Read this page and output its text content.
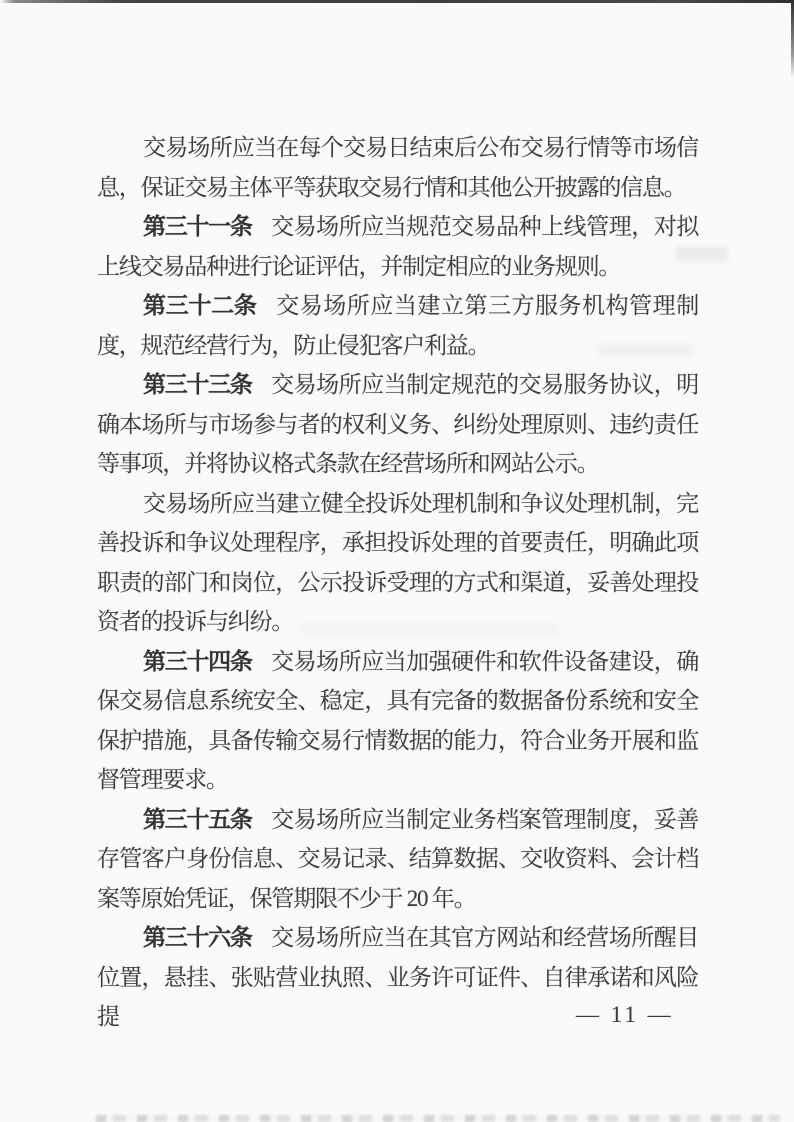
交易场所应当在每个交易日结束后公布交易行情等市场信息，保证交易主体平等获取交易行情和其他公开披露的信息。

第三十一条 交易场所应当规范交易品种上线管理，对拟上线交易品种进行论证评估，并制定相应的业务规则。

第三十二条 交易场所应当建立第三方服务机构管理制度，规范经营行为，防止侵犯客户利益。

第三十三条 交易场所应当制定规范的交易服务协议，明确本场所与市场参与者的权利义务、纠纷处理原则、违约责任等事项，并将协议格式条款在经营场所和网站公示。

交易场所应当建立健全投诉处理机制和争议处理机制，完善投诉和争议处理程序，承担投诉处理的首要责任，明确此项职责的部门和岗位，公示投诉受理的方式和渠道，妥善处理投资者的投诉与纠纷。

第三十四条 交易场所应当加强硬件和软件设备建设，确保交易信息系统安全、稳定，具有完备的数据备份系统和安全保护措施，具备传输交易行情数据的能力，符合业务开展和监督管理要求。

第三十五条 交易场所应当制定业务档案管理制度，妥善存管客户身份信息、交易记录、结算数据、交收资料、会计档案等原始凭证，保管期限不少于 20 年。

第三十六条 交易场所应当在其官方网站和经营场所醒目位置，悬挂、张贴营业执照、业务许可证件、自律承诺和风险提	— 11 —
